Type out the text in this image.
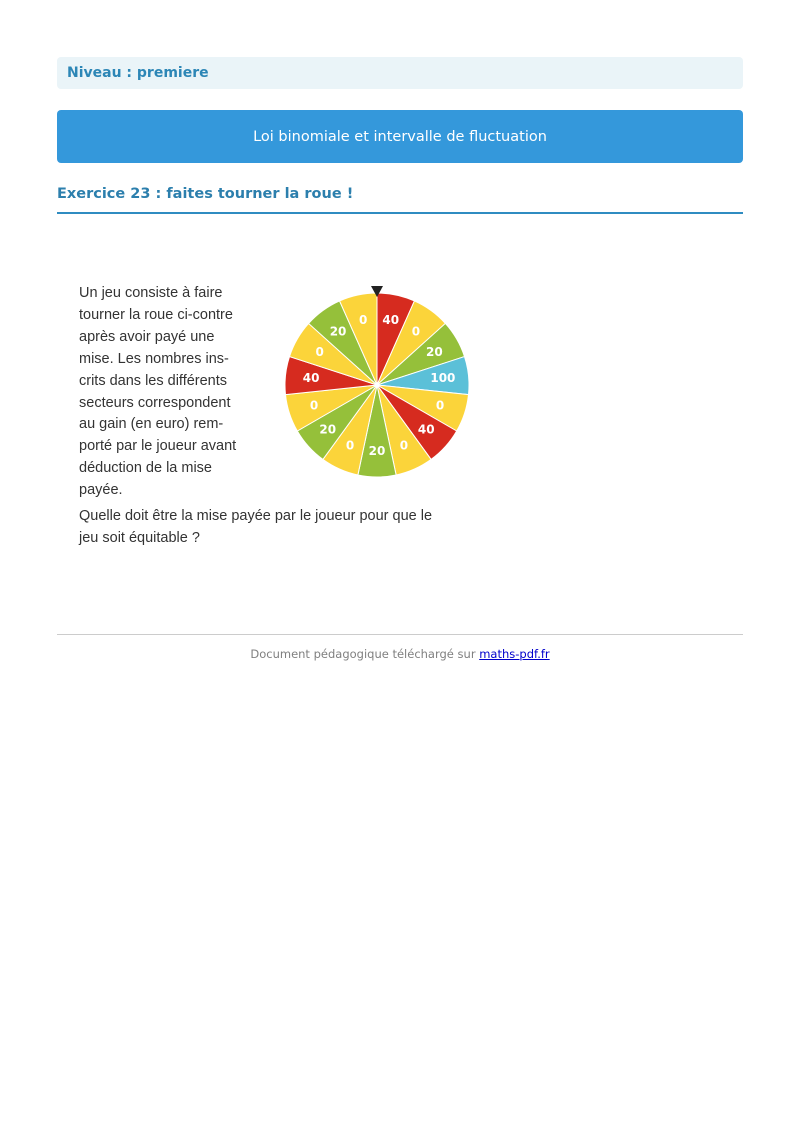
Niveau : premiere
Loi binomiale et intervalle de fluctuation
Exercice 23 : faites tourner la roue !
Un jeu consiste à faire
tourner la roue ci-contre
après avoir payé une
mise. Les nombres ins-
crits dans les différents
secteurs correspondent
au gain (en euro) rem-
porté par le joueur avant
déduction de la mise
payée.
40
0
20
100
0
40
0
20
0
20
0
40
0
20
0
Quelle doit être la mise payée par le joueur pour que le
jeu soit équitable ?
Document pédagogique téléchargé sur maths-pdf.fr
